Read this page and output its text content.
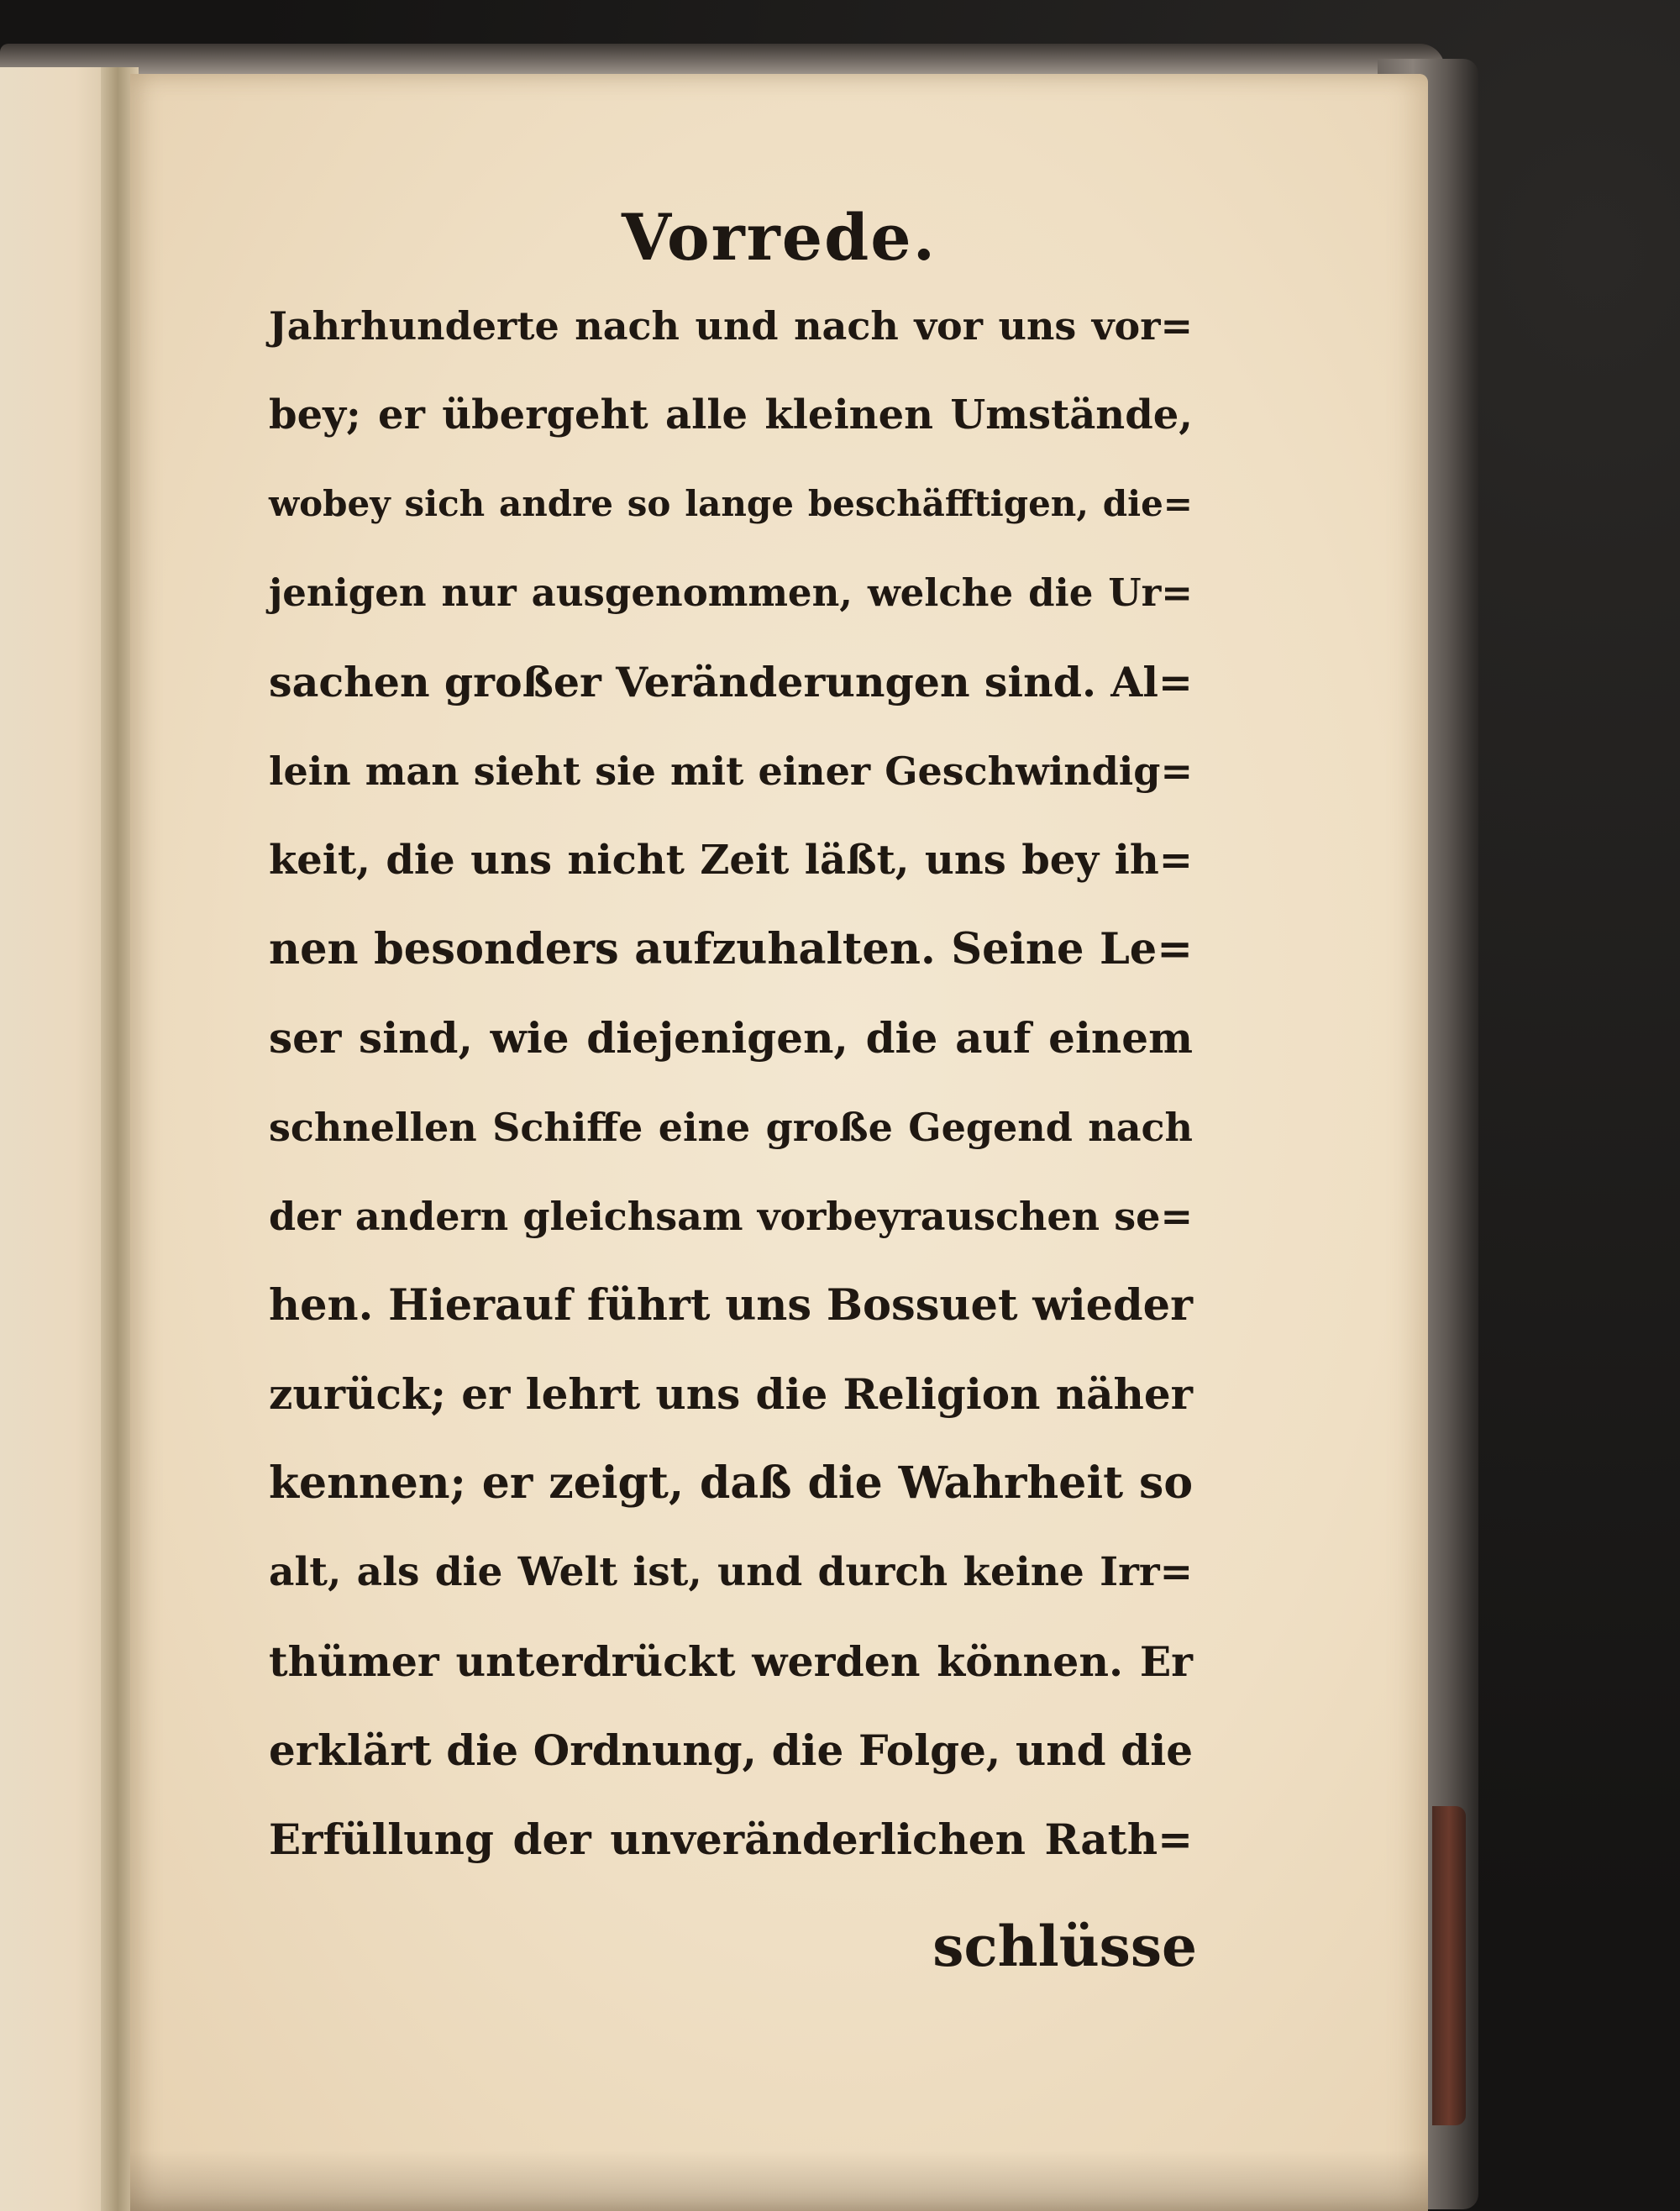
Vorrede.
Jahrhunderte nach und nach vor uns vor=
bey; er übergeht alle kleinen Umstände,
wobey sich andre so lange beschäfftigen, die=
jenigen nur ausgenommen, welche die Ur=
sachen großer Veränderungen sind. Al=
lein man sieht sie mit einer Geschwindig=
keit, die uns nicht Zeit läßt, uns bey ih=
nen besonders aufzuhalten. Seine Le=
ser sind, wie diejenigen, die auf einem
schnellen Schiffe eine große Gegend nach
der andern gleichsam vorbeyrauschen se=
hen. Hierauf führt uns Bossuet wieder
zurück; er lehrt uns die Religion näher
kennen; er zeigt, daß die Wahrheit so
alt, als die Welt ist, und durch keine Irr=
thümer unterdrückt werden können. Er
erklärt die Ordnung, die Folge, und die
Erfüllung der unveränderlichen Rath=
schlüsse
